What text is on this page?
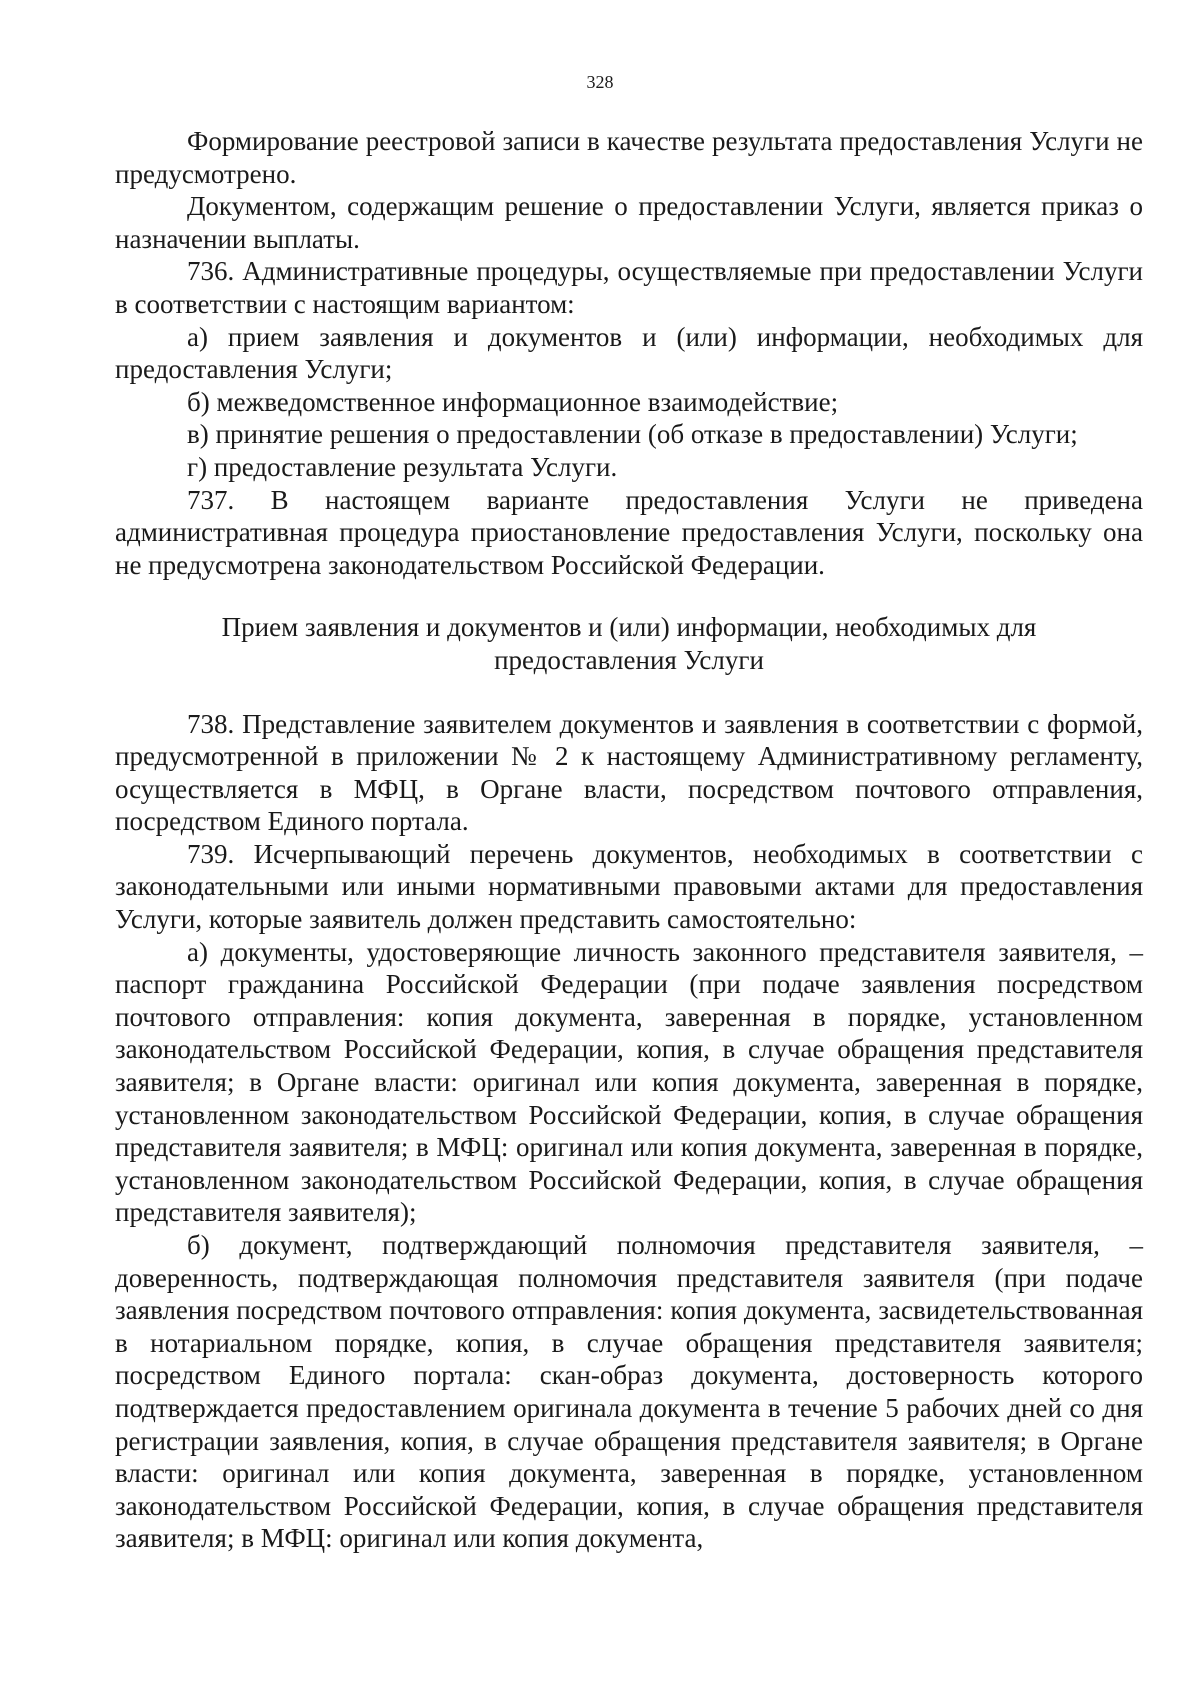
328

Формирование реестровой записи в качестве результата предоставления Услуги не предусмотрено.

Документом, содержащим решение о предоставлении Услуги, является приказ о назначении выплаты.

736. Административные процедуры, осуществляемые при предоставлении Услуги в соответствии с настоящим вариантом:

а) прием заявления и документов и (или) информации, необходимых для предоставления Услуги;

б) межведомственное информационное взаимодействие;

в) принятие решения о предоставлении (об отказе в предоставлении) Услуги;

г) предоставление результата Услуги.

737. В настоящем варианте предоставления Услуги не приведена административная процедура приостановление предоставления Услуги, поскольку она не предусмотрена законодательством Российской Федерации.

Прием заявления и документов и (или) информации, необходимых для
предоставления Услуги

738. Представление заявителем документов и заявления в соответствии с формой, предусмотренной в приложении № 2 к настоящему Административному регламенту, осуществляется в МФЦ, в Органе власти, посредством почтового отправления, посредством Единого портала.

739. Исчерпывающий перечень документов, необходимых в соответствии с законодательными или иными нормативными правовыми актами для предоставления Услуги, которые заявитель должен представить самостоятельно:

а) документы, удостоверяющие личность законного представителя заявителя, – паспорт гражданина Российской Федерации (при подаче заявления посредством почтового отправления: копия документа, заверенная в порядке, установленном законодательством Российской Федерации, копия, в случае обращения представителя заявителя; в Органе власти: оригинал или копия документа, заверенная в порядке, установленном законодательством Российской Федерации, копия, в случае обращения представителя заявителя; в МФЦ: оригинал или копия документа, заверенная в порядке, установленном законодательством Российской Федерации, копия, в случае обращения представителя заявителя);

б) документ, подтверждающий полномочия представителя заявителя, – доверенность, подтверждающая полномочия представителя заявителя (при подаче заявления посредством почтового отправления: копия документа, засвидетельствованная в нотариальном порядке, копия, в случае обращения представителя заявителя; посредством Единого портала: скан-образ документа, достоверность которого подтверждается предоставлением оригинала документа в течение 5 рабочих дней со дня регистрации заявления, копия, в случае обращения представителя заявителя; в Органе власти: оригинал или копия документа, заверенная в порядке, установленном законодательством Российской Федерации, копия, в случае обращения представителя заявителя; в МФЦ: оригинал или копия документа,
